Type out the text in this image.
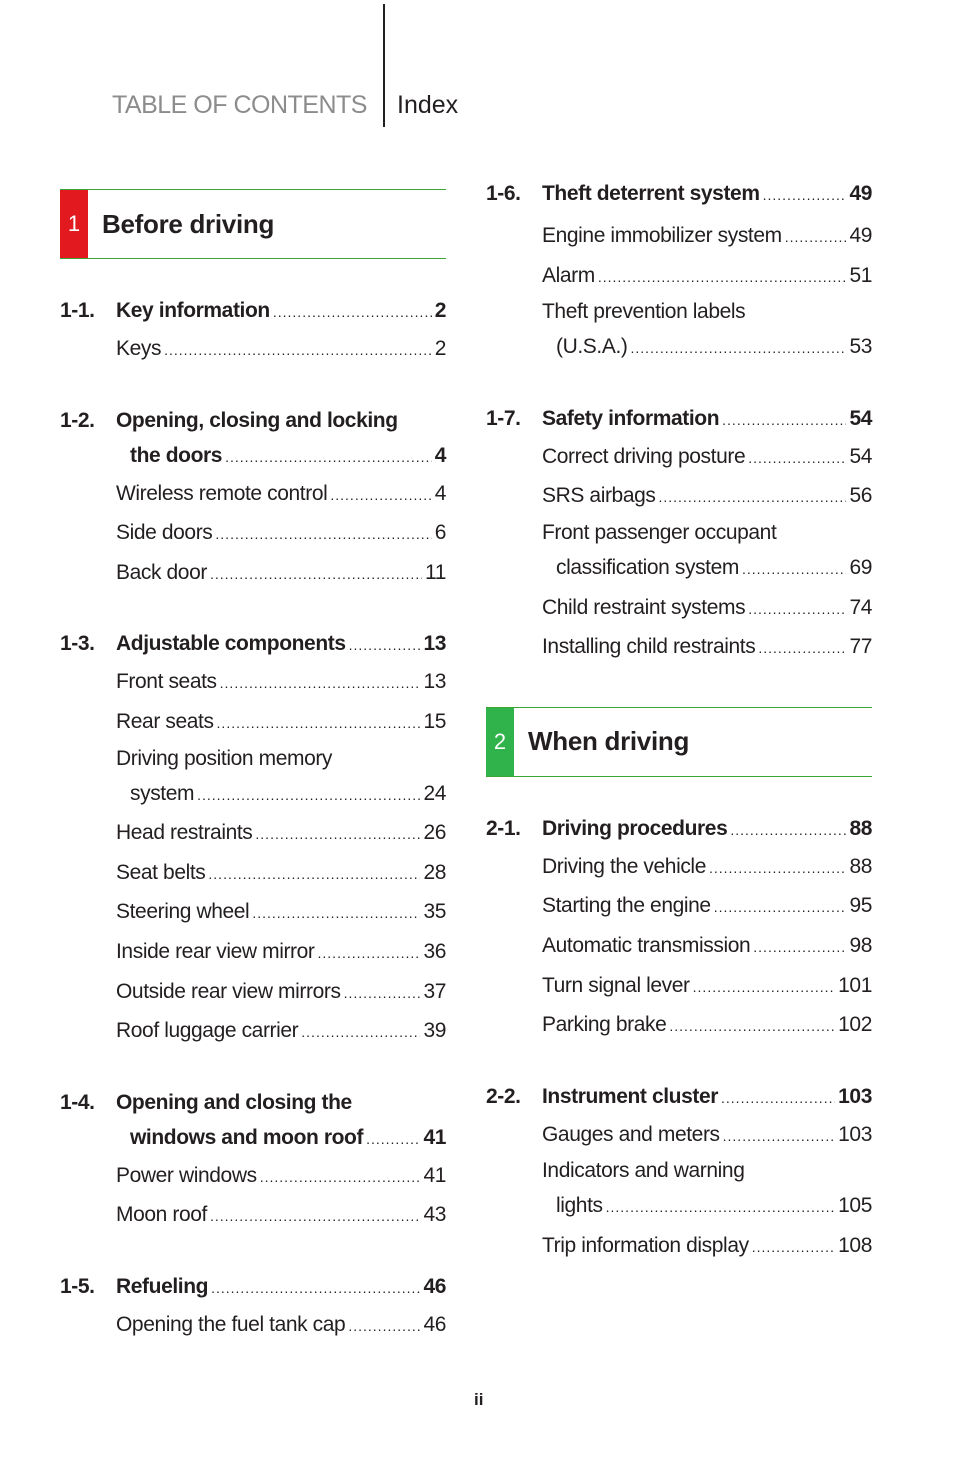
TABLE OF CONTENTS Index
1 Before driving
1-1.	Key information .....	2
Keys .....	2
1-2.	Opening, closing and locking
the doors .....	4
Wireless remote control .....	4
Side doors .....	6
Back door .....	11
1-3.	Adjustable components .....	13
Front seats .....	13
Rear seats .....	15
Driving position memory
system .....	24
Head restraints .....	26
Seat belts .....	28
Steering wheel .....	35
Inside rear view mirror .....	36
Outside rear view mirrors .....	37
Roof luggage carrier .....	39
1-4.	Opening and closing the
windows and moon roof .....	41
Power windows .....	41
Moon roof .....	43
1-5.	Refueling .....	46
Opening the fuel tank cap .....	46
1-6.	Theft deterrent system .....	49
Engine immobilizer system .....	49
Alarm .....	51
Theft prevention labels
(U.S.A.) .....	53
1-7.	Safety information .....	54
Correct driving posture .....	54
SRS airbags .....	56
Front passenger occupant
classification system .....	69
Child restraint systems .....	74
Installing child restraints .....	77
2 When driving
2-1.	Driving procedures .....	88
Driving the vehicle .....	88
Starting the engine .....	95
Automatic transmission .....	98
Turn signal lever .....	101
Parking brake .....	102
2-2.	Instrument cluster .....	103
Gauges and meters .....	103
Indicators and warning
lights .....	105
Trip information display .....	108
ii
